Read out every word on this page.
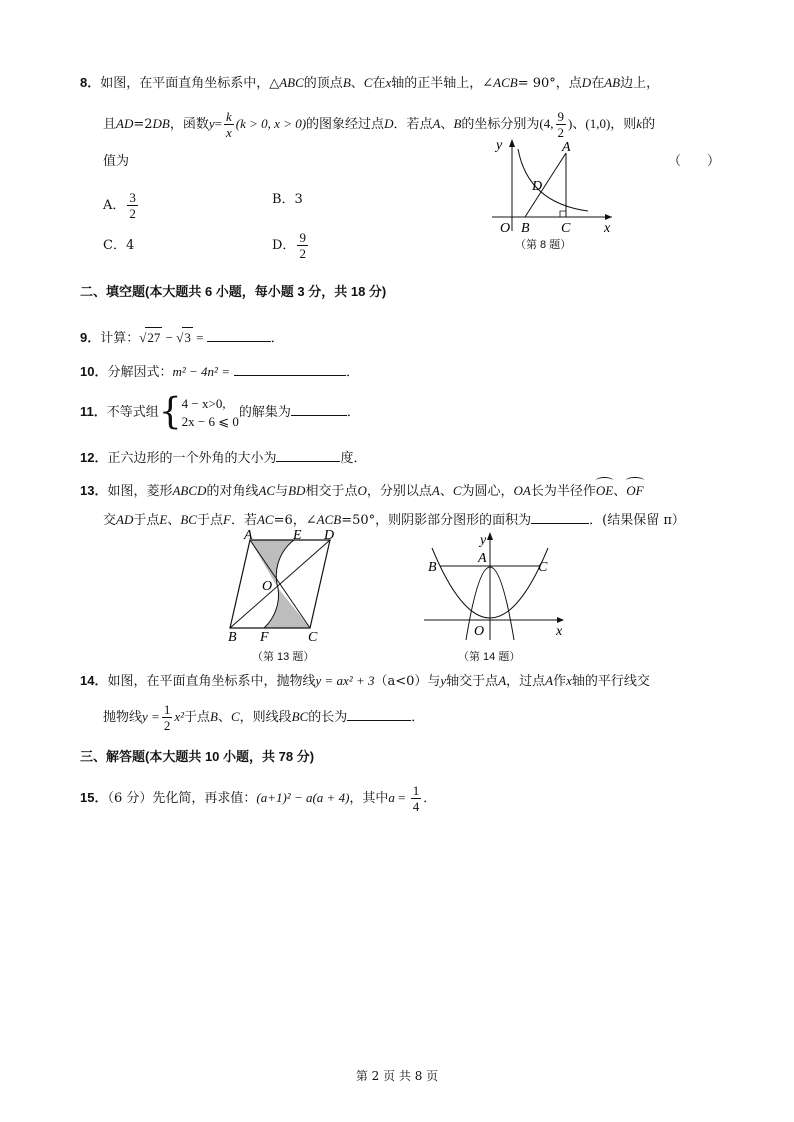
8．如图，在平面直角坐标系中，△ABC的顶点B、C在x轴的正半轴上，∠ACB= 90°，点D在AB边上，
且AD=2DB，函数$y= \frac{k}{x} (k > 0$, x > 0)的图象经过点D．若点A、B的坐标分别为(4, $\frac{9}{2}$ )、(1,0)，则k的
值为	（　　）
A． $\frac{3}{2}$	B．3
C．4	D． $\frac{9}{2}$
y	A
D
O B C x
（第 8 题）
二、填空题(本大题共 6 小题，每小题 3 分，共 18 分)
9．计算：√27 − √3 =	．
10．分解因式：m² − 4n² =	．
11．不等式组{ 4 − x>0,
2x − 6 ⩽ 0
的解集为	．
12．正六边形的一个外角的大小为	度．
13．如图，菱形ABCD的对角线AC与BD相交于点O，分别以点A、C为圆心，OA长为半径作OE、OF
交AD于点E、BC于点F．若AC=6，∠ACB=50°，则阴影部分图形的面积为	．(结果保留 π）
A	E D
O
B F	C
（第 13 题）
y
A
B	C
O	x
（第 14 题）
14．如图，在平面直角坐标系中，抛物线y = ax² + 3（a<0）与y轴交于点A，过点A作x轴的平行线交
抛物线$y = \frac{1}{2} x^2$于点B、C，则线段BC的长为	．
三、解答题(本大题共 10 小题，共 78 分)
15．（6 分）先化简，再求值：(a+1)² − a(a + 4)，其中$a = \frac{1}{4}$ ．
第 2 页 共 8 页
